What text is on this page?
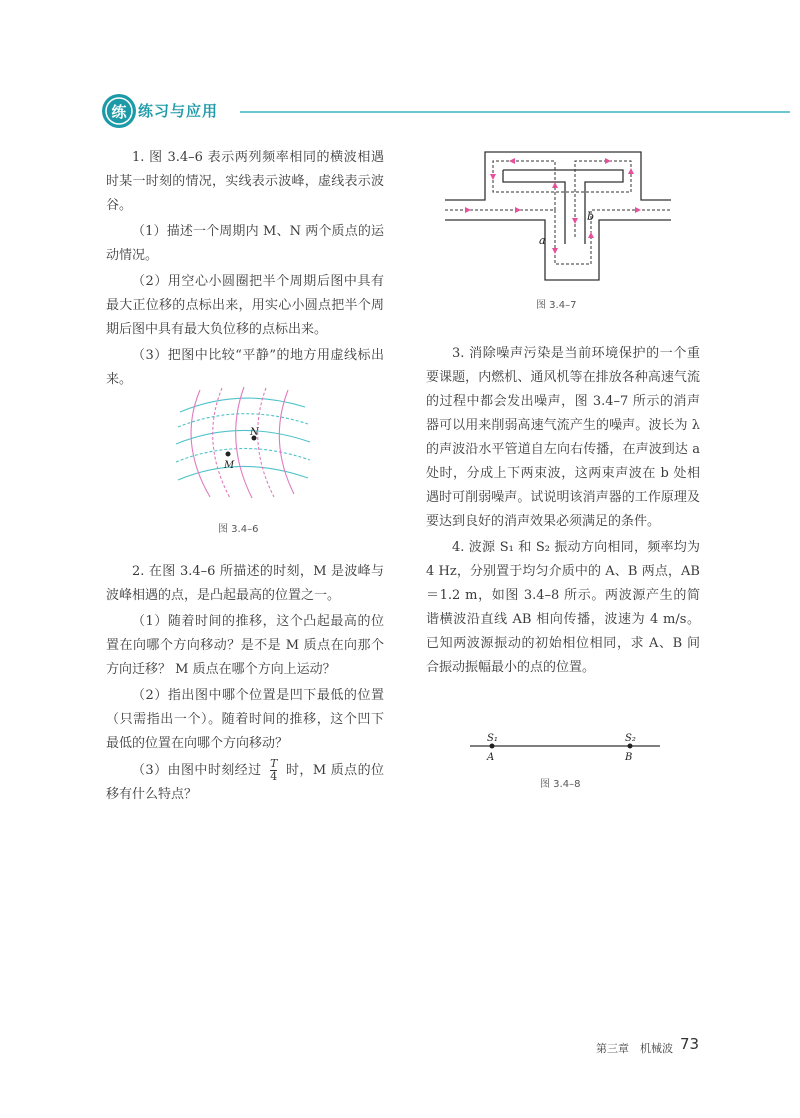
练 练习与应用

1. 图 3.4–6 表示两列频率相同的横波相遇时某一时刻的情况，实线表示波峰，虚线表示波谷。

（1）描述一个周期内 M、N 两个质点的运动情况。

（2）用空心小圆圈把半个周期后图中具有最大正位移的点标出来，用实心小圆点把半个周期后图中具有最大负位移的点标出来。

（3）把图中比较“平静”的地方用虚线标出来。

N
M
图 3.4–6

2. 在图 3.4–6 所描述的时刻，M 是波峰与波峰相遇的点，是凸起最高的位置之一。

（1）随着时间的推移，这个凸起最高的位置在向哪个方向移动？是不是 M 质点在向那个方向迁移？ M 质点在哪个方向上运动？

（2）指出图中哪个位置是凹下最低的位置（只需指出一个）。随着时间的推移，这个凹下最低的位置在向哪个方向移动？

（3）由图中时刻经过 $\frac{T}{4}$ 时，M 质点的位移有什么特点？

a
b
图 3.4–7

3. 消除噪声污染是当前环境保护的一个重要课题，内燃机、通风机等在排放各种高速气流的过程中都会发出噪声，图 3.4–7 所示的消声器可以用来削弱高速气流产生的噪声。波长为 λ 的声波沿水平管道自左向右传播，在声波到达 a 处时，分成上下两束波，这两束声波在 b 处相遇时可削弱噪声。试说明该消声器的工作原理及要达到良好的消声效果必须满足的条件。

4. 波源 S₁ 和 S₂ 振动方向相同，频率均为 4 Hz，分别置于均匀介质中的 A、B 两点，AB＝1.2 m，如图 3.4–8 所示。两波源产生的简谐横波沿直线 AB 相向传播，波速为 4 m/s。已知两波源振动的初始相位相同，求 A、B 间合振动振幅最小的点的位置。

S₁	S₂
A	B
图 3.4–8
第三章　机械波 73
